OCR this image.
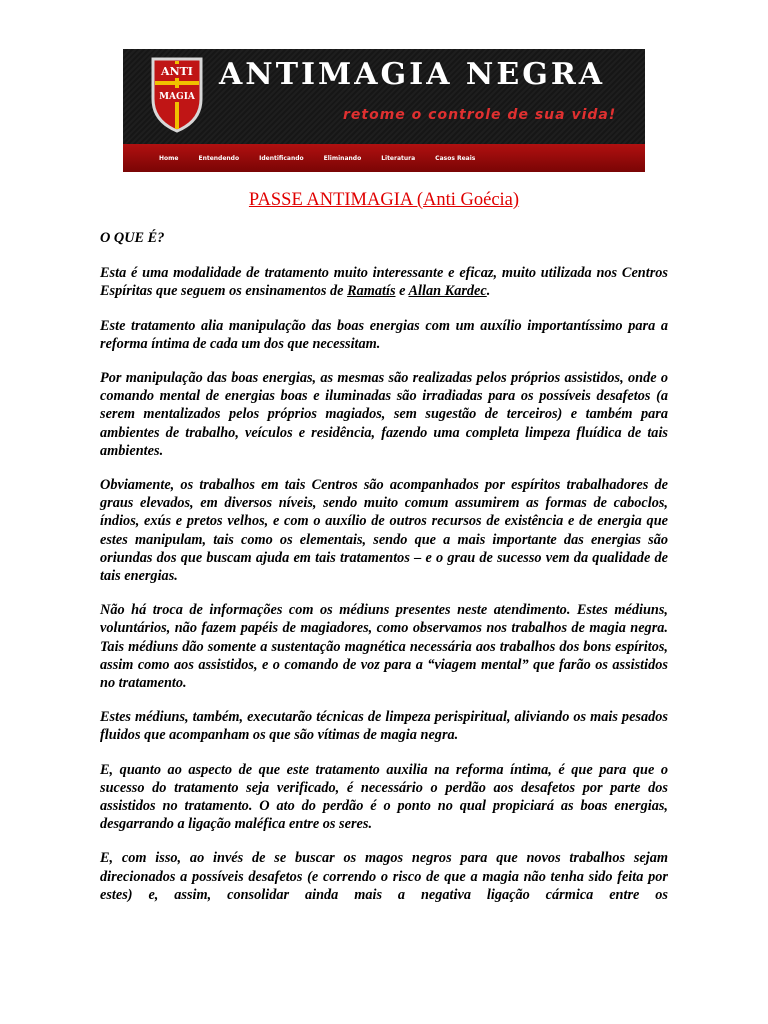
ANTI
MAGIA
ANTIMAGIA NEGRA
retome o controle de sua vida!
Home	Entendendo	Identificando	Eliminando	Literatura	Casos Reais
PASSE ANTIMAGIA (Anti Goécia)

O QUE É?

Esta é uma modalidade de tratamento muito interessante e eficaz, muito utilizada nos Centros Espíritas que seguem os ensinamentos de Ramatís e Allan Kardec.

Este tratamento alia manipulação das boas energias com um auxílio importantíssimo para a reforma íntima de cada um dos que necessitam.

Por manipulação das boas energias, as mesmas são realizadas pelos próprios assistidos, onde o comando mental de energias boas e iluminadas são irradiadas para os possíveis desafetos (a serem mentalizados pelos próprios magiados, sem sugestão de terceiros) e também para ambientes de trabalho, veículos e residência, fazendo uma completa limpeza fluídica de tais ambientes.

Obviamente, os trabalhos em tais Centros são acompanhados por espíritos trabalhadores de graus elevados, em diversos níveis, sendo muito comum assumirem as formas de caboclos, índios, exús e pretos velhos, e com o auxílio de outros recursos de existência e de energia que estes manipulam, tais como os elementais, sendo que a mais importante das energias são oriundas dos que buscam ajuda em tais tratamentos – e o grau de sucesso vem da qualidade de tais energias.

Não há troca de informações com os médiuns presentes neste atendimento. Estes médiuns, voluntários, não fazem papéis de magiadores, como observamos nos trabalhos de magia negra. Tais médiuns dão somente a sustentação magnética necessária aos trabalhos dos bons espíritos, assim como aos assistidos, e o comando de voz para a “viagem mental” que farão os assistidos no tratamento.

Estes médiuns, também, executarão técnicas de limpeza perispiritual, aliviando os mais pesados fluidos que acompanham os que são vítimas de magia negra.

E, quanto ao aspecto de que este tratamento auxilia na reforma íntima, é que para que o sucesso do tratamento seja verificado, é necessário o perdão aos desafetos por parte dos assistidos no tratamento. O ato do perdão é o ponto no qual propiciará as boas energias, desgarrando a ligação maléfica entre os seres.

E, com isso, ao invés de se buscar os magos negros para que novos trabalhos sejam direcionados a possíveis desafetos (e correndo o risco de que a magia não tenha sido feita por estes) e, assim, consolidar ainda mais a negativa ligação cármica entre os
